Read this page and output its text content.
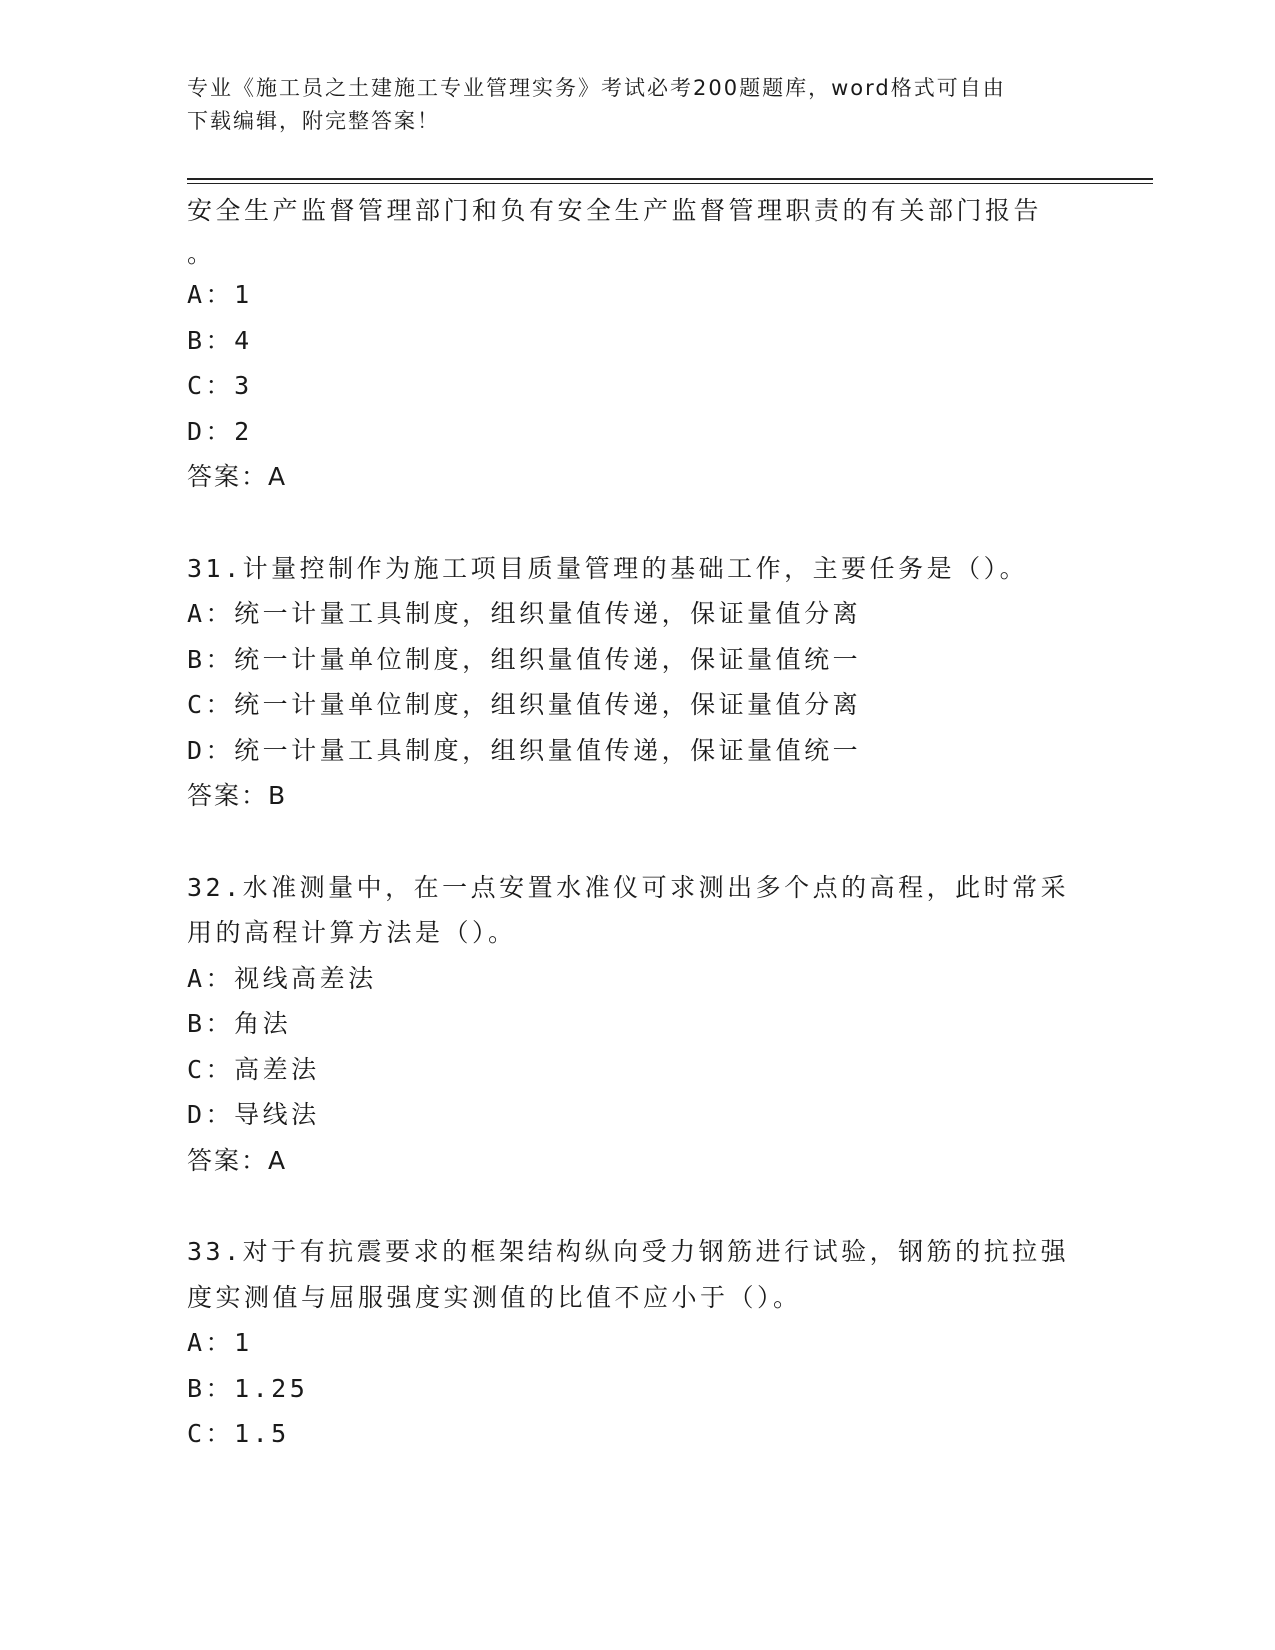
专业《施工员之土建施工专业管理实务》考试必考200题题库，word格式可自由
下载编辑，附完整答案！

安全生产监督管理部门和负有安全生产监督管理职责的有关部门报告

。

A：1

B：4

C：3

D：2

答案：A

31.计量控制作为施工项目质量管理的基础工作，主要任务是（）。

A：统一计量工具制度，组织量值传递，保证量值分离

B：统一计量单位制度，组织量值传递，保证量值统一

C：统一计量单位制度，组织量值传递，保证量值分离

D：统一计量工具制度，组织量值传递，保证量值统一

答案：B

32.水准测量中，在一点安置水准仪可求测出多个点的高程，此时常采

用的高程计算方法是（）。

A：视线高差法

B：角法

C：高差法

D：导线法

答案：A

33.对于有抗震要求的框架结构纵向受力钢筋进行试验，钢筋的抗拉强

度实测值与屈服强度实测值的比值不应小于（）。

A：1

B：1.25

C：1.5
